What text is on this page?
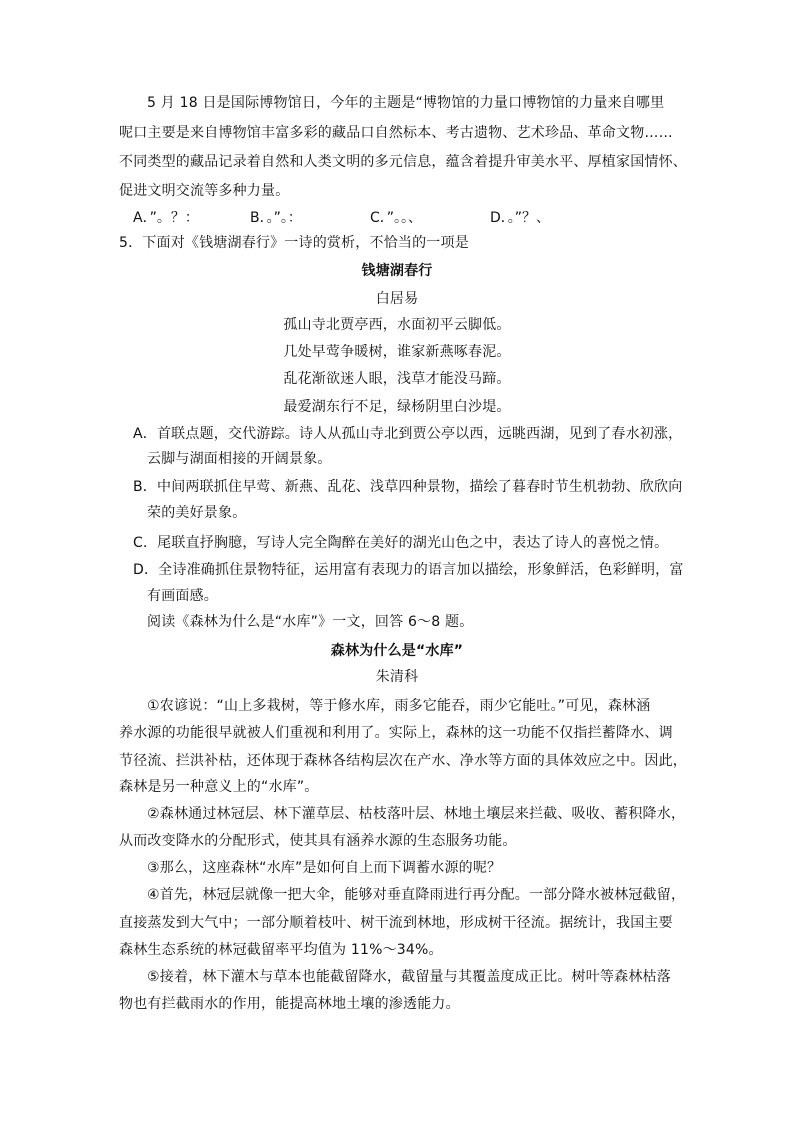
5 月 18 日是国际博物馆日，今年的主题是“博物馆的力量口博物馆的力量来自哪里
呢口主要是来自博物馆丰富多彩的藏品口自然标本、考古遗物、艺术珍品、革命文物……
不同类型的藏品记录着自然和人类文明的多元信息，蕴含着提升审美水平、厚植家国情怀、
促进文明交流等多种力量。
A．”。？：	B．。”。：	C．”。。、	D．。”？、
5．下面对《钱塘湖春行》一诗的赏析，不恰当的一项是
钱塘湖春行
白居易
孤山寺北贾亭西，水面初平云脚低。
几处早莺争暖树，谁家新燕啄春泥。
乱花渐欲迷人眼，浅草才能没马蹄。
最爱湖东行不足，绿杨阴里白沙堤。
A．首联点题，交代游踪。诗人从孤山寺北到贾公亭以西，远眺西湖，见到了春水初涨，
云脚与湖面相接的开阔景象。
B．中间两联抓住早莺、新燕、乱花、浅草四种景物，描绘了暮春时节生机勃勃、欣欣向
荣的美好景象。
C．尾联直抒胸臆，写诗人完全陶醉在美好的湖光山色之中，表达了诗人的喜悦之情。
D．全诗准确抓住景物特征，运用富有表现力的语言加以描绘，形象鲜活，色彩鲜明，富
有画面感。
阅读《森林为什么是“水库”》一文，回答 6～8 题。
森林为什么是“水库”
朱清科
①农谚说：“山上多栽树，等于修水库，雨多它能吞，雨少它能吐。”可见，森林涵
养水源的功能很早就被人们重视和利用了。实际上，森林的这一功能不仅指拦蓄降水、调
节径流、拦洪补枯，还体现于森林各结构层次在产水、净水等方面的具体效应之中。因此，
森林是另一种意义上的“水库”。
②森林通过林冠层、林下灌草层、枯枝落叶层、林地土壤层来拦截、吸收、蓄积降水，
从而改变降水的分配形式，使其具有涵养水源的生态服务功能。
③那么，这座森林“水库”是如何自上而下调蓄水源的呢？
④首先，林冠层就像一把大伞，能够对垂直降雨进行再分配。一部分降水被林冠截留，
直接蒸发到大气中；一部分顺着枝叶、树干流到林地，形成树干径流。据统计，我国主要
森林生态系统的林冠截留率平均值为 11%～34%。
⑤接着，林下灌木与草本也能截留降水，截留量与其覆盖度成正比。树叶等森林枯落
物也有拦截雨水的作用，能提高林地土壤的渗透能力。
